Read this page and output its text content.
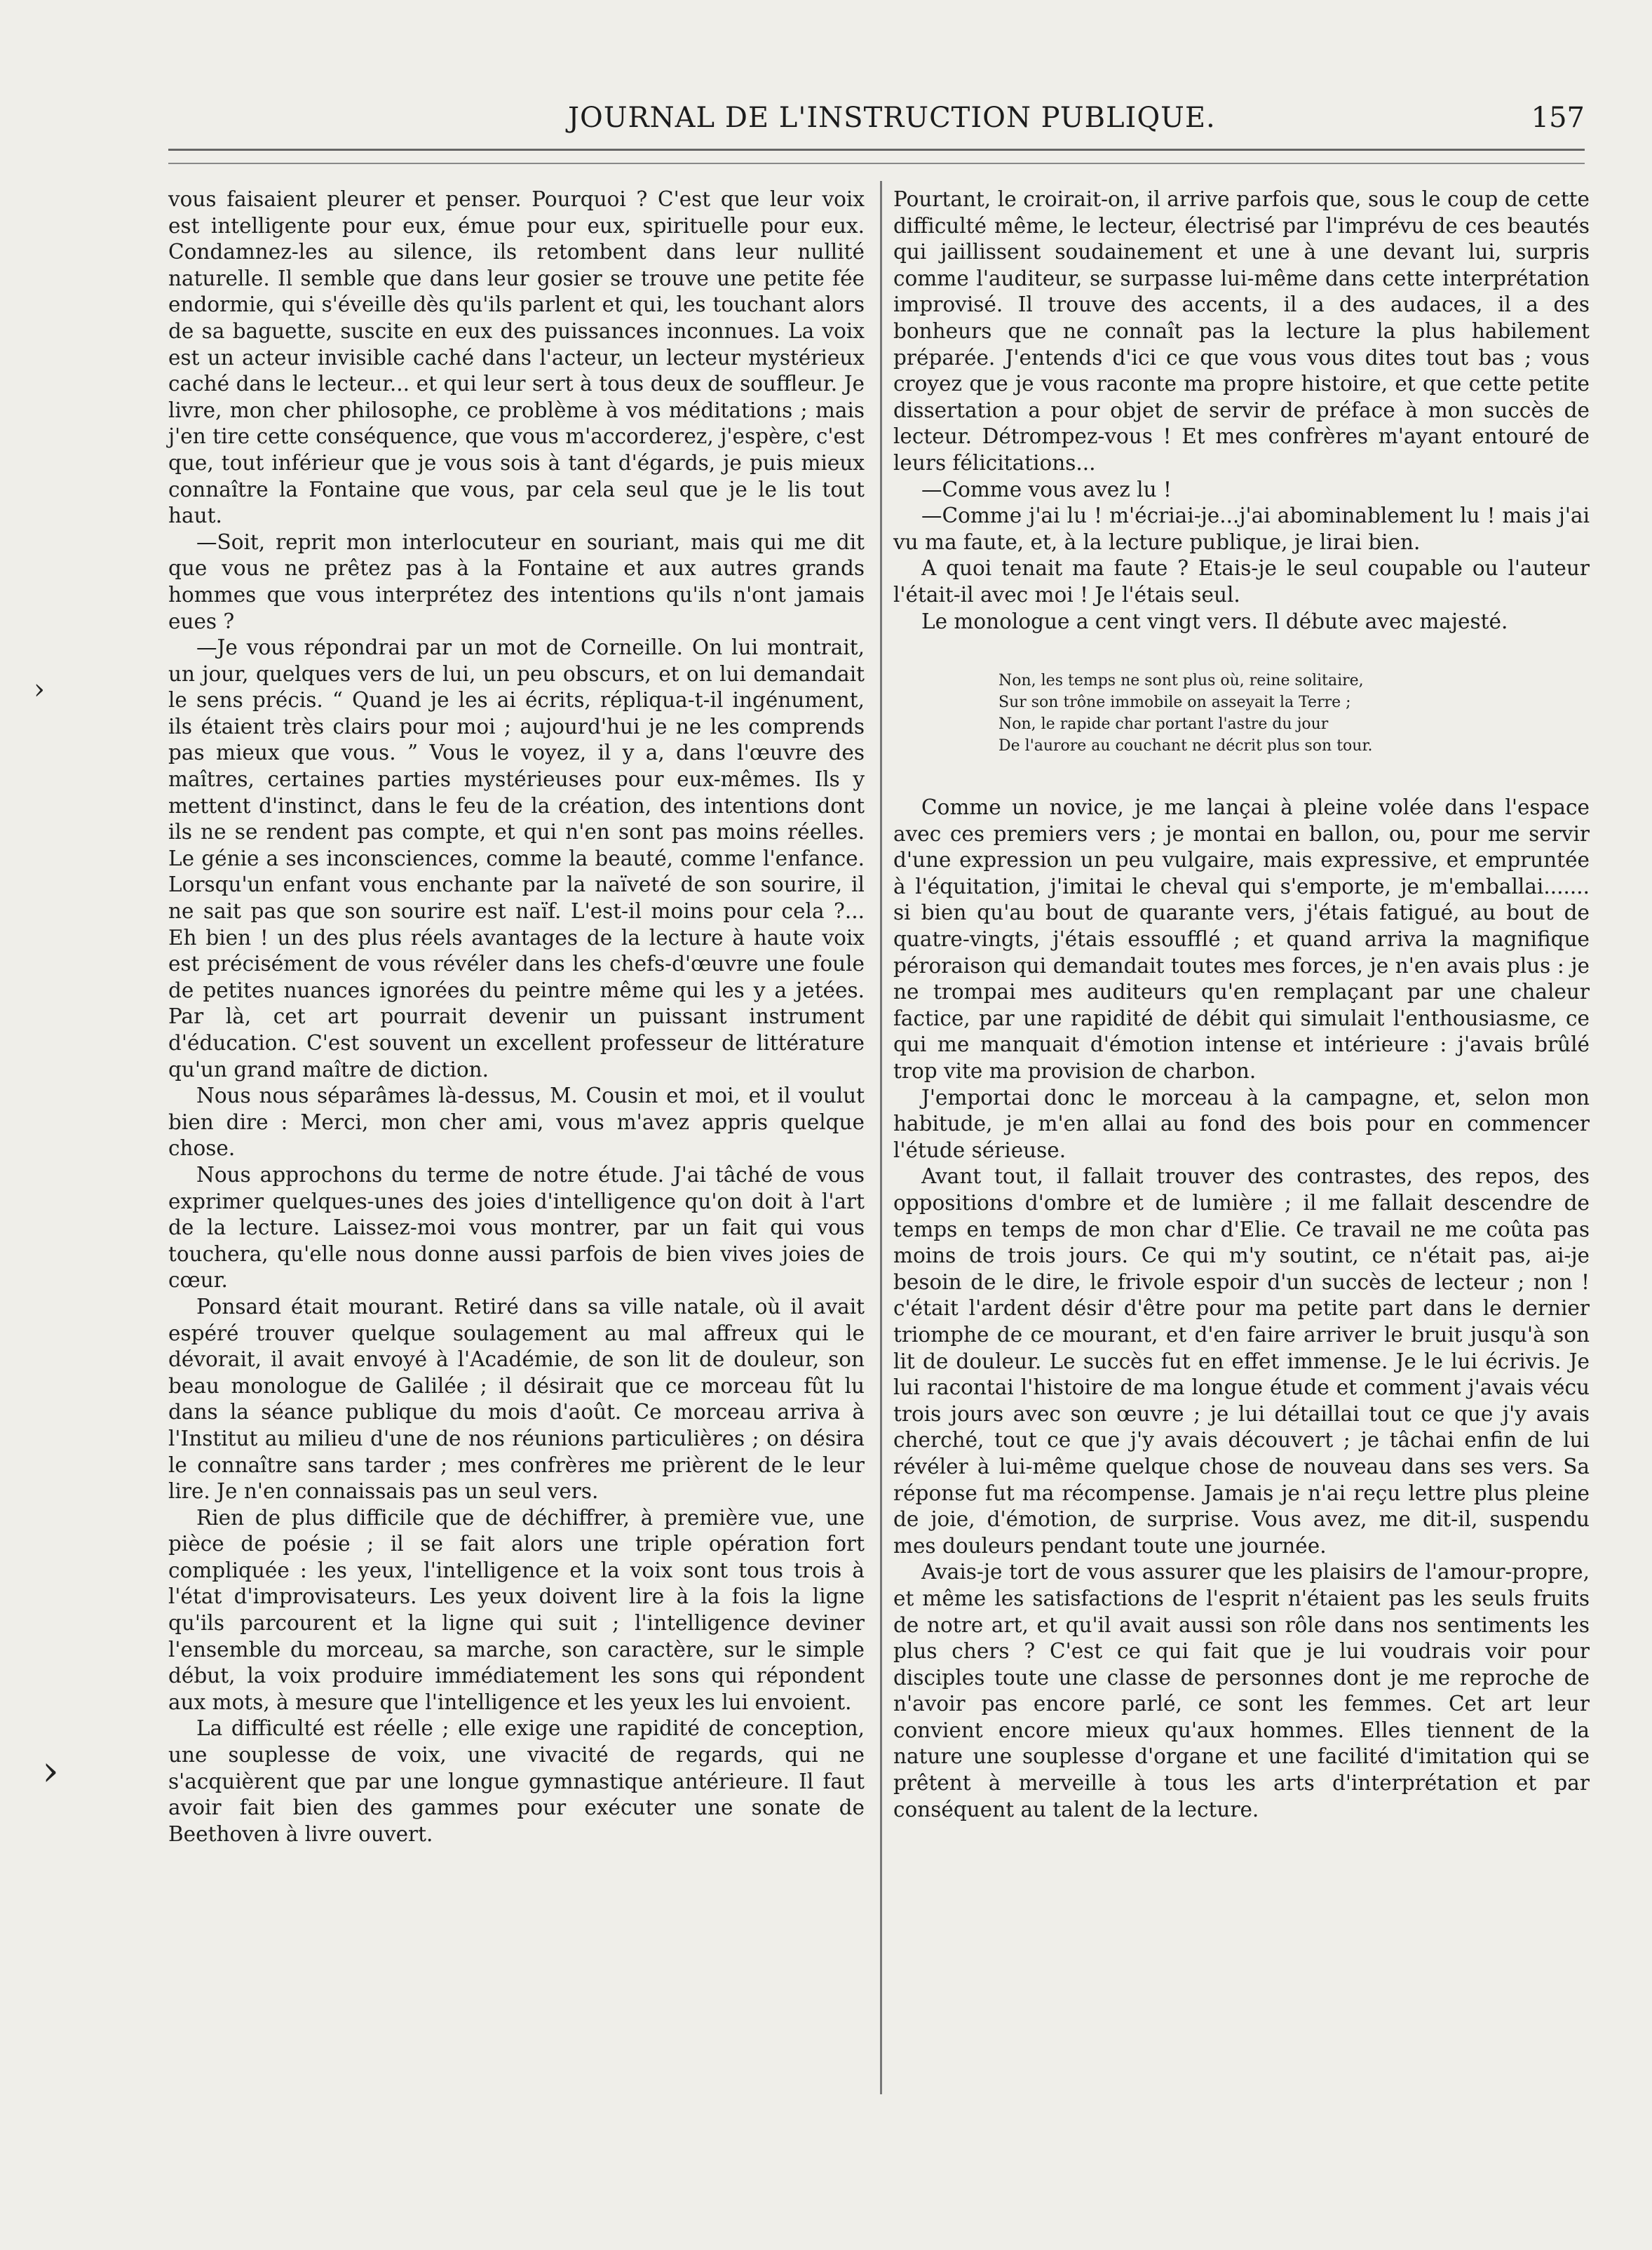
JOURNAL DE L'INSTRUCTION PUBLIQUE.	157

vous faisaient pleurer et penser. Pourquoi ? C'est que leur voix est intelligente pour eux, émue pour eux, spirituelle pour eux. Condamnez-les au silence, ils retombent dans leur nullité naturelle. Il semble que dans leur gosier se trouve une petite fée endormie, qui s'éveille dès qu'ils parlent et qui, les touchant alors de sa baguette, suscite en eux des puissances inconnues. La voix est un acteur invisible caché dans l'acteur, un lecteur mystérieux caché dans le lecteur... et qui leur sert à tous deux de souffleur. Je livre, mon cher philosophe, ce problème à vos méditations ; mais j'en tire cette conséquence, que vous m'accorderez, j'espère, c'est que, tout inférieur que je vous sois à tant d'égards, je puis mieux connaître la Fontaine que vous, par cela seul que je le lis tout haut.

—Soit, reprit mon interlocuteur en souriant, mais qui me dit que vous ne prêtez pas à la Fontaine et aux autres grands hommes que vous interprétez des intentions qu'ils n'ont jamais eues ?

—Je vous répondrai par un mot de Corneille. On lui montrait, un jour, quelques vers de lui, un peu obscurs, et on lui demandait le sens précis. “ Quand je les ai écrits, répliqua-t-il ingénument, ils étaient très clairs pour moi ; aujourd'hui je ne les comprends pas mieux que vous. ” Vous le voyez, il y a, dans l'œuvre des maîtres, certaines parties mystérieuses pour eux-mêmes. Ils y mettent d'instinct, dans le feu de la création, des intentions dont ils ne se rendent pas compte, et qui n'en sont pas moins réelles. Le génie a ses inconsciences, comme la beauté, comme l'enfance. Lorsqu'un enfant vous enchante par la naïveté de son sourire, il ne sait pas que son sourire est naïf. L'est-il moins pour cela ?... Eh bien ! un des plus réels avantages de la lecture à haute voix est précisément de vous révéler dans les chefs-d'œuvre une foule de petites nuances ignorées du peintre même qui les y a jetées. Par là, cet art pourrait devenir un puissant instrument d'éducation. C'est souvent un excellent professeur de littérature qu'un grand maître de diction.

Nous nous séparâmes là-dessus, M. Cousin et moi, et il voulut bien dire : Merci, mon cher ami, vous m'avez appris quelque chose.

Nous approchons du terme de notre étude. J'ai tâché de vous exprimer quelques-unes des joies d'intelligence qu'on doit à l'art de la lecture. Laissez-moi vous montrer, par un fait qui vous touchera, qu'elle nous donne aussi parfois de bien vives joies de cœur.

Ponsard était mourant. Retiré dans sa ville natale, où il avait espéré trouver quelque soulagement au mal affreux qui le dévorait, il avait envoyé à l'Académie, de son lit de douleur, son beau monologue de Galilée ; il désirait que ce morceau fût lu dans la séance publique du mois d'août. Ce morceau arriva à l'Institut au milieu d'une de nos réunions particulières ; on désira le connaître sans tarder ; mes confrères me prièrent de le leur lire. Je n'en connaissais pas un seul vers.

Rien de plus difficile que de déchiffrer, à première vue, une pièce de poésie ; il se fait alors une triple opération fort compliquée : les yeux, l'intelligence et la voix sont tous trois à l'état d'improvisateurs. Les yeux doivent lire à la fois la ligne qu'ils parcourent et la ligne qui suit ; l'intelligence deviner l'ensemble du morceau, sa marche, son caractère, sur le simple début, la voix produire immédiatement les sons qui répondent aux mots, à mesure que l'intelligence et les yeux les lui envoient.

La difficulté est réelle ; elle exige une rapidité de conception, une souplesse de voix, une vivacité de regards, qui ne s'acquièrent que par une longue gymnastique antérieure. Il faut avoir fait bien des gammes pour exécuter une sonate de Beethoven à livre ouvert.

Pourtant, le croirait-on, il arrive parfois que, sous le coup de cette difficulté même, le lecteur, électrisé par l'imprévu de ces beautés qui jaillissent soudainement et une à une devant lui, surpris comme l'auditeur, se surpasse lui-même dans cette interprétation improvisé. Il trouve des accents, il a des audaces, il a des bonheurs que ne connaît pas la lecture la plus habilement préparée. J'entends d'ici ce que vous vous dites tout bas ; vous croyez que je vous raconte ma propre histoire, et que cette petite dissertation a pour objet de servir de préface à mon succès de lecteur. Détrompez-vous ! Et mes confrères m'ayant entouré de leurs félicitations...

—Comme vous avez lu !

—Comme j'ai lu ! m'écriai-je...j'ai abominablement lu ! mais j'ai vu ma faute, et, à la lecture publique, je lirai bien.

A quoi tenait ma faute ? Etais-je le seul coupable ou l'auteur l'était-il avec moi ! Je l'étais seul.

Le monologue a cent vingt vers. Il débute avec majesté.

Non, les temps ne sont plus où, reine solitaire,
Sur son trône immobile on asseyait la Terre ;
Non, le rapide char portant l'astre du jour
De l'aurore au couchant ne décrit plus son tour.

Comme un novice, je me lançai à pleine volée dans l'espace avec ces premiers vers ; je montai en ballon, ou, pour me servir d'une expression un peu vulgaire, mais expressive, et empruntée à l'équitation, j'imitai le cheval qui s'emporte, je m'emballai....... si bien qu'au bout de quarante vers, j'étais fatigué, au bout de quatre-vingts, j'étais essoufflé ; et quand arriva la magnifique péroraison qui demandait toutes mes forces, je n'en avais plus : je ne trompai mes auditeurs qu'en remplaçant par une chaleur factice, par une rapidité de débit qui simulait l'enthousiasme, ce qui me manquait d'émotion intense et intérieure : j'avais brûlé trop vite ma provision de charbon.

J'emportai donc le morceau à la campagne, et, selon mon habitude, je m'en allai au fond des bois pour en commencer l'étude sérieuse.

Avant tout, il fallait trouver des contrastes, des repos, des oppositions d'ombre et de lumière ; il me fallait descendre de temps en temps de mon char d'Elie. Ce travail ne me coûta pas moins de trois jours. Ce qui m'y soutint, ce n'était pas, ai-je besoin de le dire, le frivole espoir d'un succès de lecteur ; non ! c'était l'ardent désir d'être pour ma petite part dans le dernier triomphe de ce mourant, et d'en faire arriver le bruit jusqu'à son lit de douleur. Le succès fut en effet immense. Je le lui écrivis. Je lui racontai l'histoire de ma longue étude et comment j'avais vécu trois jours avec son œuvre ; je lui détaillai tout ce que j'y avais cherché, tout ce que j'y avais découvert ; je tâchai enfin de lui révéler à lui-même quelque chose de nouveau dans ses vers. Sa réponse fut ma récompense. Jamais je n'ai reçu lettre plus pleine de joie, d'émotion, de surprise. Vous avez, me dit-il, suspendu mes douleurs pendant toute une journée.

Avais-je tort de vous assurer que les plaisirs de l'amour-propre, et même les satisfactions de l'esprit n'étaient pas les seuls fruits de notre art, et qu'il avait aussi son rôle dans nos sentiments les plus chers ? C'est ce qui fait que je lui voudrais voir pour disciples toute une classe de personnes dont je me reproche de n'avoir pas encore parlé, ce sont les femmes. Cet art leur convient encore mieux qu'aux hommes. Elles tiennent de la nature une souplesse d'organe et une facilité d'imitation qui se prêtent à merveille à tous les arts d'interprétation et par conséquent au talent de la lecture.

›
›
